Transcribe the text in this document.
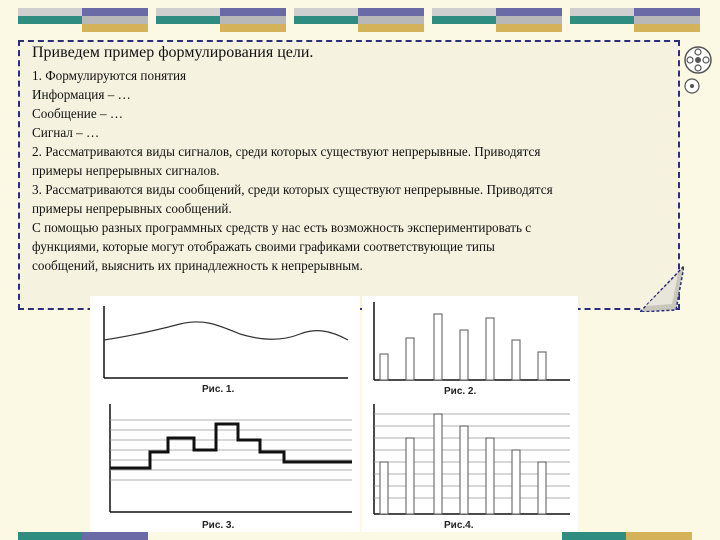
Приведем пример формулирования цели.
1. Формулируются понятия
Информация – …
Сообщение – …
Сигнал – …
2. Рассматриваются виды сигналов, среди которых существуют непрерывные. Приводятся
примеры непрерывных сигналов.
3. Рассматриваются виды сообщений, среди которых существуют непрерывные. Приводятся
примеры непрерывных сообщений.
С помощью разных программных средств у нас есть возможность экспериментировать с
функциями, которые могут отображать своими графиками соответствующие типы
сообщений, выяснить их принадлежность к непрерывным.
Рис. 1.	Рис. 2.
Рис. 3.	Рис.4.
